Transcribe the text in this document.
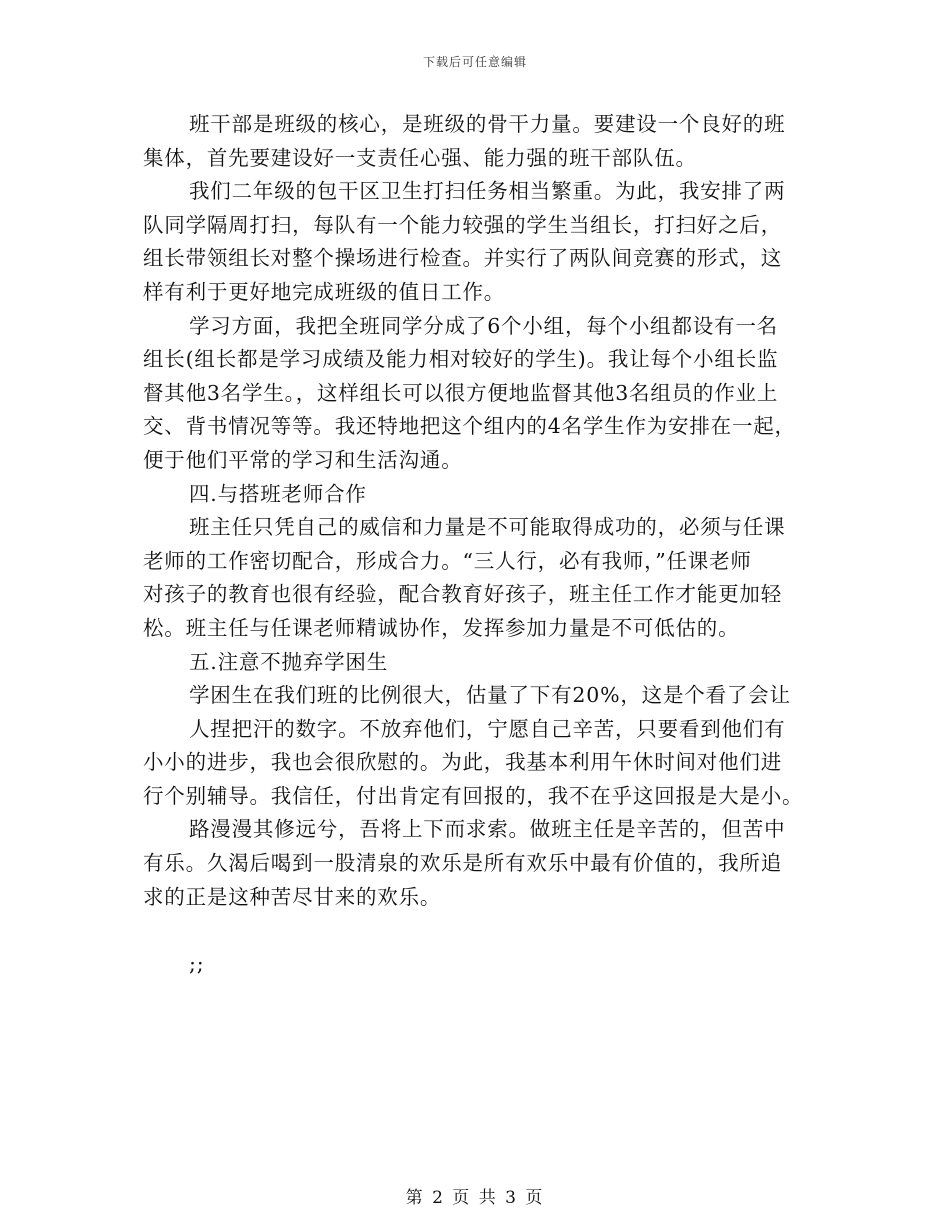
下载后可任意编辑
班干部是班级的核心，是班级的骨干力量。要建设一个良好的班
集体，首先要建设好一支责任心强、能力强的班干部队伍。
我们二年级的包干区卫生打扫任务相当繁重。为此，我安排了两
队同学隔周打扫，每队有一个能力较强的学生当组长，打扫好之后，
组长带领组长对整个操场进行检查。并实行了两队间竞赛的形式，这
样有利于更好地完成班级的值日工作。
学习方面，我把全班同学分成了6个小组，每个小组都设有一名
组长(组长都是学习成绩及能力相对较好的学生)。我让每个小组长监
督其他3名学生。，这样组长可以很方便地监督其他3名组员的作业上
交、背书情况等等。我还特地把这个组内的4名学生作为安排在一起，
便于他们平常的学习和生活沟通。
四.与搭班老师合作
班主任只凭自己的威信和力量是不可能取得成功的，必须与任课
老师的工作密切配合，形成合力。“三人行，必有我师，”任课老师
对孩子的教育也很有经验，配合教育好孩子，班主任工作才能更加轻
松。班主任与任课老师精诚协作，发挥参加力量是不可低估的。
五.注意不抛弃学困生
学困生在我们班的比例很大，估量了下有20%，这是个看了会让
人捏把汗的数字。不放弃他们，宁愿自己辛苦，只要看到他们有
小小的进步，我也会很欣慰的。为此，我基本利用午休时间对他们进
行个别辅导。我信任，付出肯定有回报的，我不在乎这回报是大是小。
路漫漫其修远兮，吾将上下而求索。做班主任是辛苦的，但苦中
有乐。久渴后喝到一股清泉的欢乐是所有欢乐中最有价值的，我所追
求的正是这种苦尽甘来的欢乐。
;;
第 2 页 共 3 页
